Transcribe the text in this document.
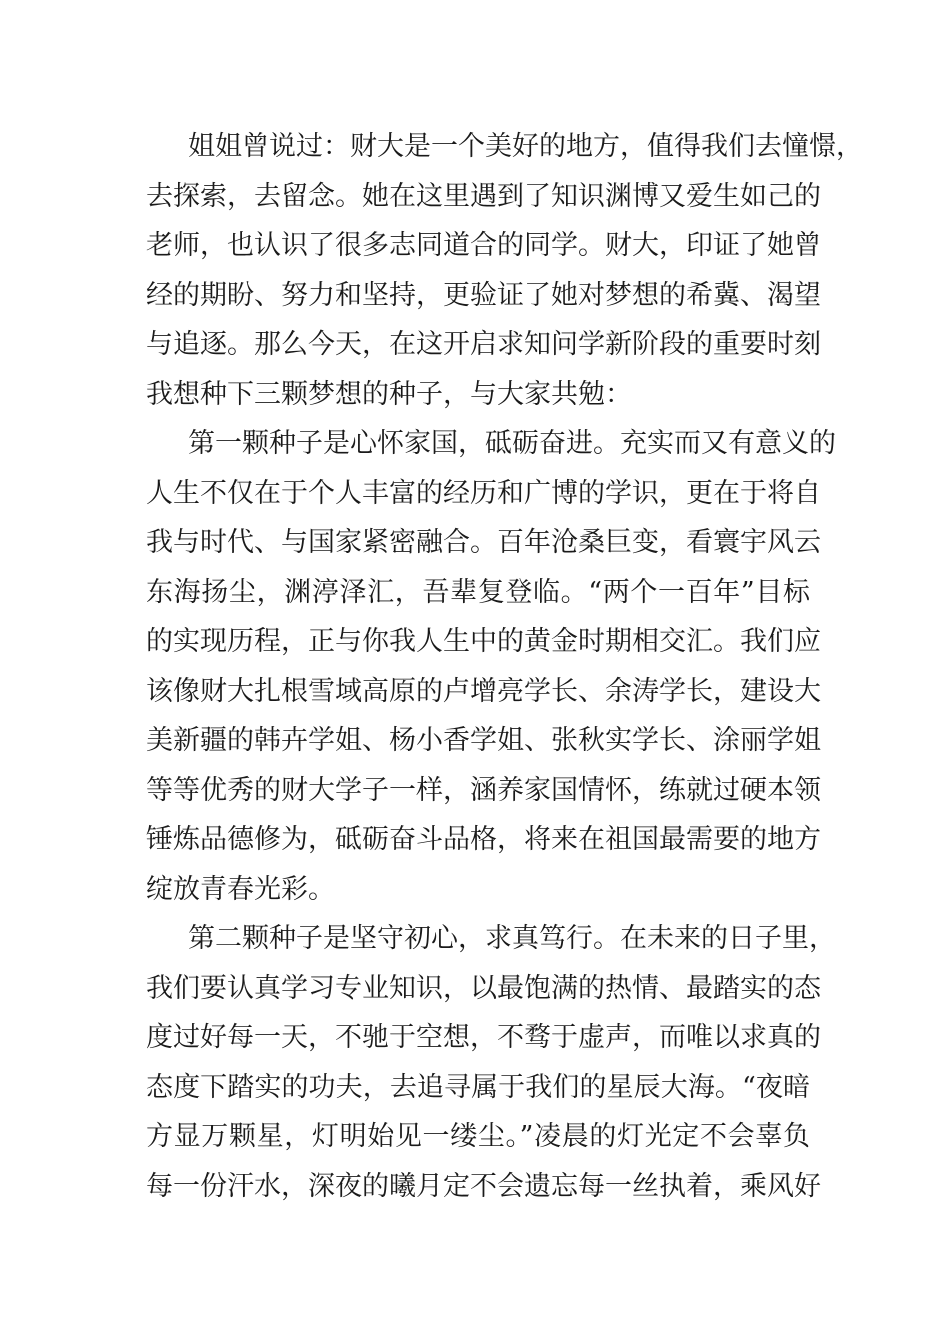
姐姐曾说过：财大是一个美好的地方，值得我们去憧憬，
去探索，去留念。她在这里遇到了知识渊博又爱生如己的
老师，也认识了很多志同道合的同学。财大，印证了她曾
经的期盼、努力和坚持，更验证了她对梦想的希冀、渴望
与追逐。那么今天，在这开启求知问学新阶段的重要时刻
我想种下三颗梦想的种子，与大家共勉：
第一颗种子是心怀家国，砥砺奋进。充实而又有意义的
人生不仅在于个人丰富的经历和广博的学识，更在于将自
我与时代、与国家紧密融合。百年沧桑巨变，看寰宇风云
东海扬尘，渊渟泽汇，吾辈复登临。“两个一百年”目标
的实现历程，正与你我人生中的黄金时期相交汇。我们应
该像财大扎根雪域高原的卢增亮学长、余涛学长，建设大
美新疆的韩卉学姐、杨小香学姐、张秋实学长、涂丽学姐
等等优秀的财大学子一样，涵养家国情怀，练就过硬本领
锤炼品德修为，砥砺奋斗品格，将来在祖国最需要的地方
绽放青春光彩。
第二颗种子是坚守初心，求真笃行。在未来的日子里，
我们要认真学习专业知识，以最饱满的热情、最踏实的态
度过好每一天，不驰于空想，不骛于虚声，而唯以求真的
态度下踏实的功夫，去追寻属于我们的星辰大海。“夜暗
方显万颗星，灯明始见一缕尘。”凌晨的灯光定不会辜负
每一份汗水，深夜的曦月定不会遗忘每一丝执着，乘风好
